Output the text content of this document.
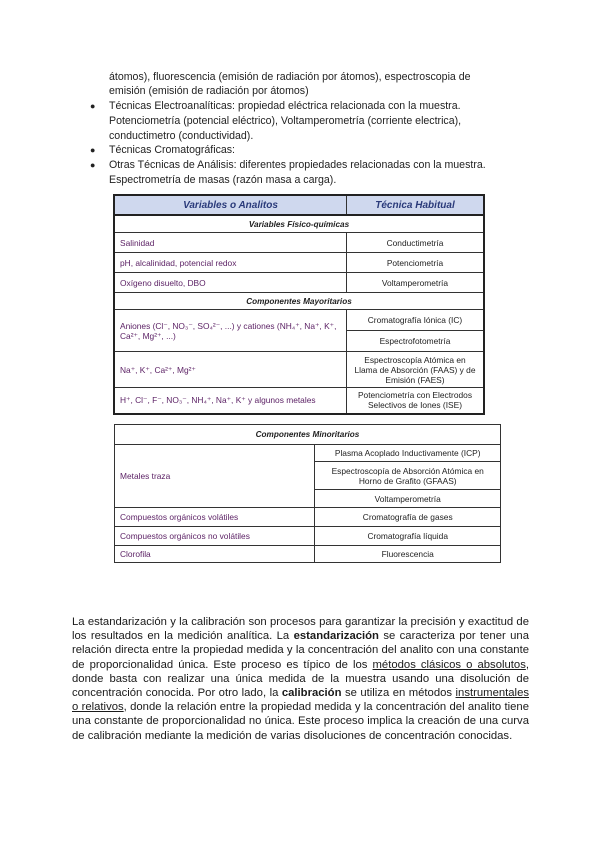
átomos), fluorescencia (emisión de radiación por átomos), espectroscopia de
emisión (emisión de radiación por átomos)
● Técnicas Electroanalíticas: propiedad eléctrica relacionada con la muestra.
Potenciometría (potencial eléctrico), Voltamperometría (corriente electrica),
conductimetro (conductividad).
● Técnicas Cromatográficas:
● Otras Técnicas de Análisis: diferentes propiedades relacionadas con la muestra.
Espectrometría de masas (razón masa a carga).
Variables o Analitos	Técnica Habitual
Variables Físico-químicas	
Salinidad	Conductimetría
pH, alcalinidad, potencial redox	Potenciometría
Oxígeno disuelto, DBO	Voltamperometría
Componentes Mayoritarios	
Aniones (Cl⁻, NO₃⁻, SO₄²⁻, ...) y cationes (NH₄⁺, Na⁺, K⁺, Ca²⁺, Mg²⁺, ...)	Cromatografía Iónica (IC)
	Espectrofotometría
Na⁺, K⁺, Ca²⁺, Mg²⁺	Espectroscopía Atómica en Llama de Absorción (FAAS) y de Emisión (FAES)
H⁺, Cl⁻, F⁻, NO₃⁻, NH₄⁺, Na⁺, K⁺ y algunos metales	Potenciometría con Electrodos Selectivos de Iones (ISE)
Componentes Minoritarios	
Metales traza	Plasma Acoplado Inductivamente (ICP)
	Espectroscopía de Absorción Atómica en Horno de Grafito (GFAAS)
	Voltamperometría
Compuestos orgánicos volátiles	Cromatografía de gases
Compuestos orgánicos no volátiles	Cromatografía líquida
Clorofila	Fluorescencia
La estandarización y la calibración son procesos para garantizar la precisión y exactitud de los resultados en la medición analítica. La estandarización se caracteriza por tener una relación directa entre la propiedad medida y la concentración del analito con una constante de proporcionalidad única. Este proceso es típico de los métodos clásicos o absolutos, donde basta con realizar una única medida de la muestra usando una disolución de concentración conocida. Por otro lado, la calibración se utiliza en métodos instrumentales o relativos, donde la relación entre la propiedad medida y la concentración del analito tiene una constante de proporcionalidad no única. Este proceso implica la creación de una curva de calibración mediante la medición de varias disoluciones de concentración conocidas.
